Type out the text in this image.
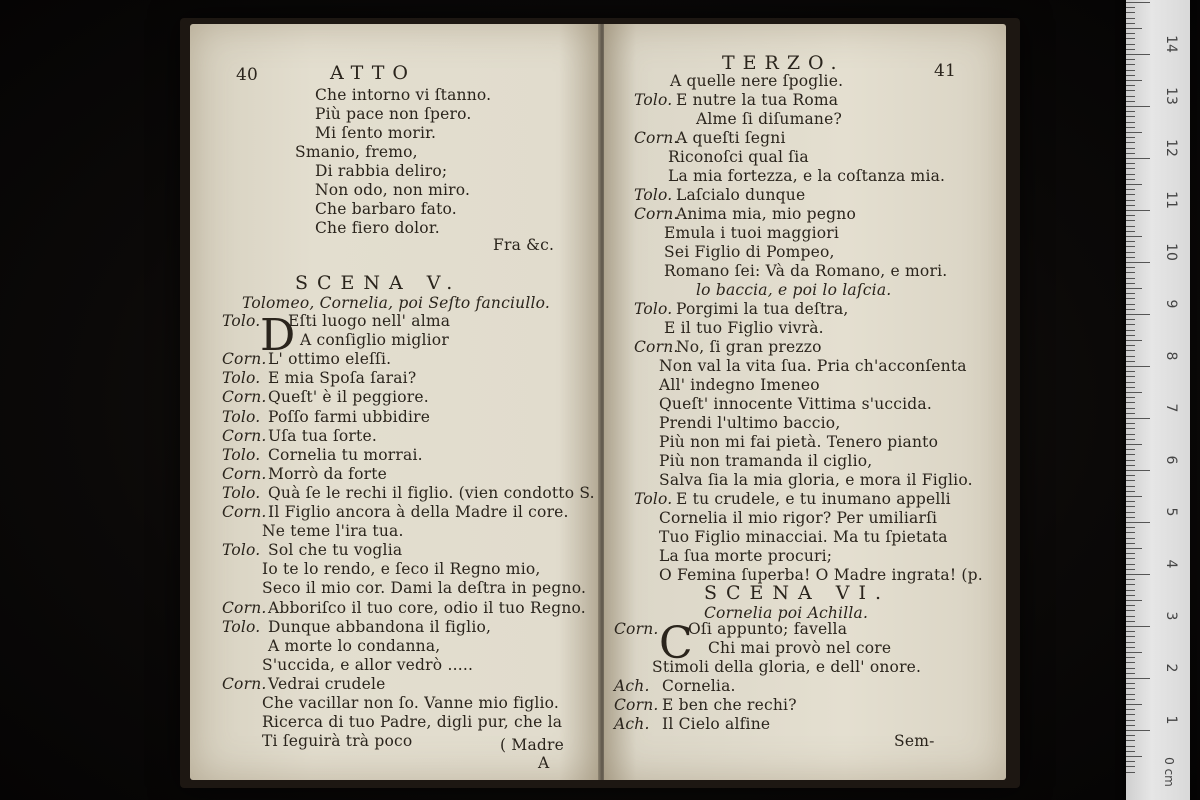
40	ATTO
Che intorno vi ſtanno.
Più pace non ſpero.
Mi ſento morir.
Smanio, fremo,
Di rabbia deliro;
Non odo, non miro.
Che barbaro fato.
Che fiero dolor.
Fra &c.
SCENA V.
Tolomeo, Cornelia, poi Seſto fanciullo.
D
Tolo. Eſti luogo nell' alma
A conſiglio miglior
Corn. L' ottimo eleſſi.
Tolo. E mia Spoſa ſarai?
Corn. Queſt' è il peggiore.
Tolo. Poſſo farmi ubbidire
Corn. Uſa tua ſorte.
Tolo. Cornelia tu morrai.
Corn. Morrò da forte
Tolo. Quà ſe le rechi il figlio. (vien condotto S.
Corn. Il Figlio ancora à della Madre il core.
Ne teme l'ira tua.
Tolo. Sol che tu voglia
Io te lo rendo, e ſeco il Regno mio,
Seco il mio cor. Dami la deſtra in pegno.
Corn. Abboriſco il tuo core, odio il tuo Regno.
Tolo. Dunque abbandona il figlio,
A morte lo condanna,
S'uccida, e allor vedrò .....
Corn. Vedrai crudele
Che vacillar non ſo. Vanne mio figlio.
Ricerca di tuo Padre, digli pur, che la
Ti ſeguirà trà poco	( Madre
A
TERZO.	41
A quelle nere ſpoglie.
Tolo. E nutre la tua Roma
Alme ſi diſumane?
Corn.
A queſti ſegni
Riconoſci qual ſia
La mia fortezza, e la coſtanza mia.
Tolo. Laſcialo dunque
Corn.
Anima mia, mio pegno
Emula i tuoi maggiori
Sei Figlio di Pompeo,
Romano ſei: Và da Romano, e mori.
lo baccia, e poi lo laſcia.
Tolo. Porgimi la tua deſtra,
E il tuo Figlio vivrà.
Corn.
No, ſi gran prezzo
Non val la vita ſua. Pria ch'acconſenta
All' indegno Imeneo
Queſt' innocente Vittima s'uccida.
Prendi l'ultimo baccio,
Più non mi fai pietà. Tenero pianto
Più non tramanda il ciglio,
Salva ſia la mia gloria, e mora il Figlio.
Tolo. E tu crudele, e tu inumano appelli
Cornelia il mio rigor? Per umiliarſi
Tuo Figlio minacciai. Ma tu ſpietata
La ſua morte procuri;
O Femina ſuperba! O Madre ingrata! (p.
SCENA VI.
Cornelia poi Achilla.
C
Corn. Oſi appunto; favella
Chi mai provò nel core
Stimoli della gloria, e dell' onore.
Ach. Cornelia.
Corn. E ben che rechi?
Ach. Il Cielo alfine
Sem-
14
13
12
11
10
9
8
7
6
5
4
3
2
1
0 cm
